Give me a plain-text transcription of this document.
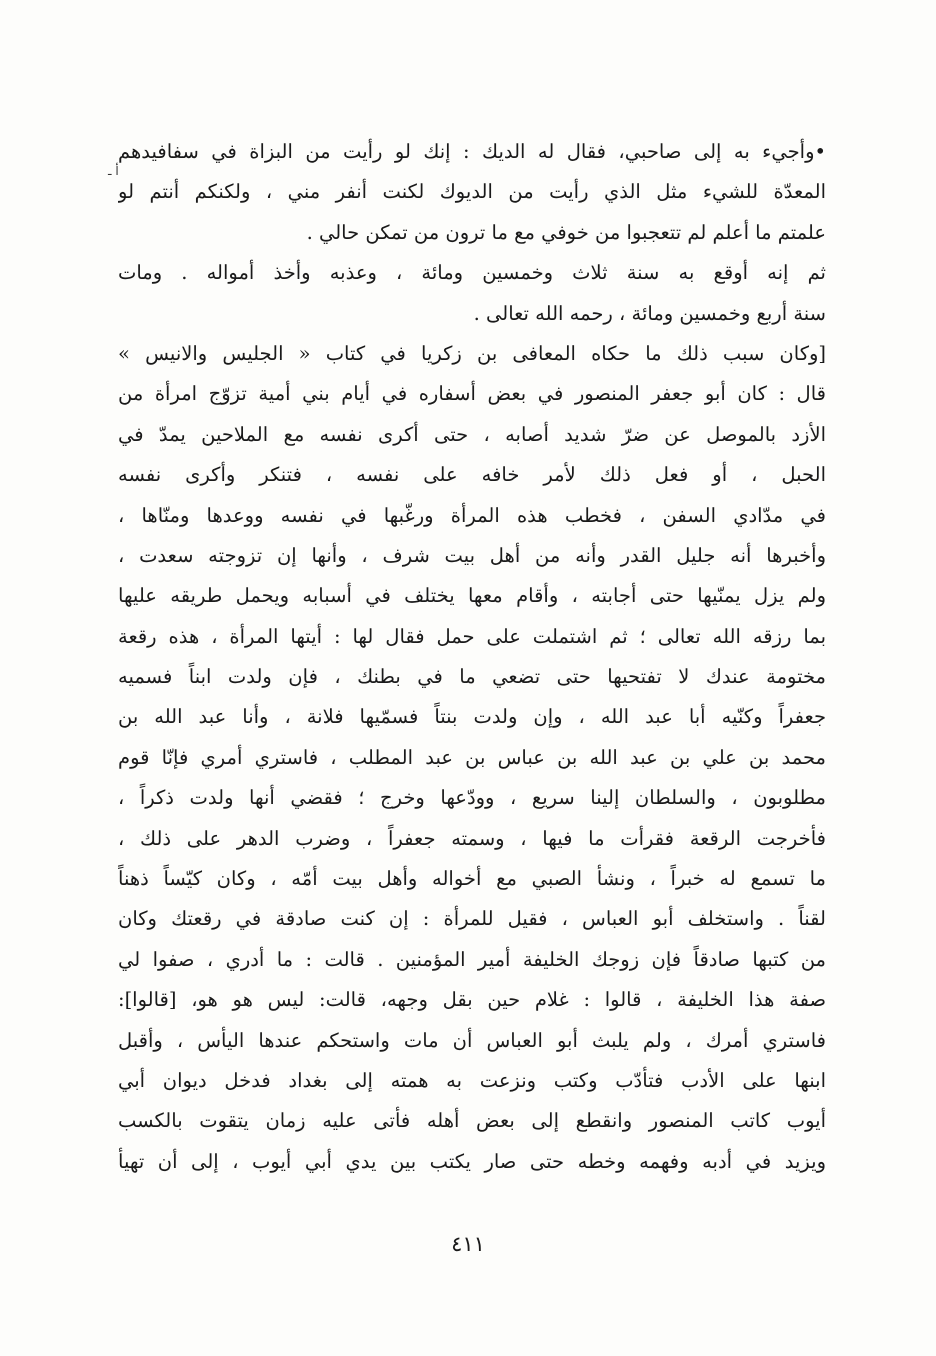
أ ـ
•وأجيء به إلى صاحبي، فقال له الديك : إنك لو رأيت من البزاة في سفافيدهم
المعدّة للشيء مثل الذي رأيت من الديوك لكنت أنفر مني ، ولكنكم أنتم لو
علمتم ما أعلم لم تتعجبوا من خوفي مع ما ترون من تمكن حالي .
ثم إنه أوقع به سنة ثلاث وخمسين ومائة ، وعذبه وأخذ أمواله . ومات
سنة أربع وخمسين ومائة ، رحمه الله تعالى .
[وكان سبب ذلك ما حكاه المعافى بن زكريا في كتاب « الجليس والانيس »
قال : كان أبو جعفر المنصور في بعض أسفاره في أيام بني أمية تزوّج امرأة من
الأزد بالموصل عن ضرّ شديد أصابه ، حتى أكرى نفسه مع الملاحين يمدّ في
الحبل ، أو فعل ذلك لأمر خافه على نفسه ، فتنكر وأكرى نفسه
في مدّادي السفن ، فخطب هذه المرأة ورغّبها في نفسه ووعدها ومنّاها ،
وأخبرها أنه جليل القدر وأنه من أهل بيت شرف ، وأنها إن تزوجته سعدت ،
ولم يزل يمنّيها حتى أجابته ، وأقام معها يختلف في أسبابه ويحمل طريقه عليها
بما رزقه الله تعالى ؛ ثم اشتملت على حمل فقال لها : أيتها المرأة ، هذه رقعة
مختومة عندك لا تفتحيها حتى تضعي ما في بطنك ، فإن ولدت ابناً فسميه
جعفراً وكنّيه أبا عبد الله ، وإن ولدت بنتاً فسمّيها فلانة ، وأنا عبد الله بن
محمد بن علي بن عبد الله بن عباس بن عبد المطلب ، فاستري أمري فإنّا قوم
مطلوبون ، والسلطان إلينا سريع ، وودّعها وخرج ؛ فقضي أنها ولدت ذكراً ،
فأخرجت الرقعة فقرأت ما فيها ، وسمته جعفراً ، وضرب الدهر على ذلك ،
ما تسمع له خبراً ، ونشأ الصبي مع أخواله وأهل بيت أمّه ، وكان كيّساً ذهناً
لقناً . واستخلف أبو العباس ، فقيل للمرأة : إن كنت صادقة في رقعتك وكان
من كتبها صادقاً فإن زوجك الخليفة أمير المؤمنين . قالت : ما أدري ، صفوا لي
صفة هذا الخليفة ، قالوا : غلام حين بقل وجهه، قالت: ليس هو هو، [قالوا]:
فاستري أمرك ، ولم يلبث أبو العباس أن مات واستحكم عندها اليأس ، وأقبل
ابنها على الأدب فتأدّب وكتب ونزعت به همته إلى بغداد فدخل ديوان أبي
أيوب كاتب المنصور وانقطع إلى بعض أهله فأتى عليه زمان يتقوت بالكسب
ويزيد في أدبه وفهمه وخطه حتى صار يكتب بين يدي أبي أيوب ، إلى أن تهيأ
٤١١
